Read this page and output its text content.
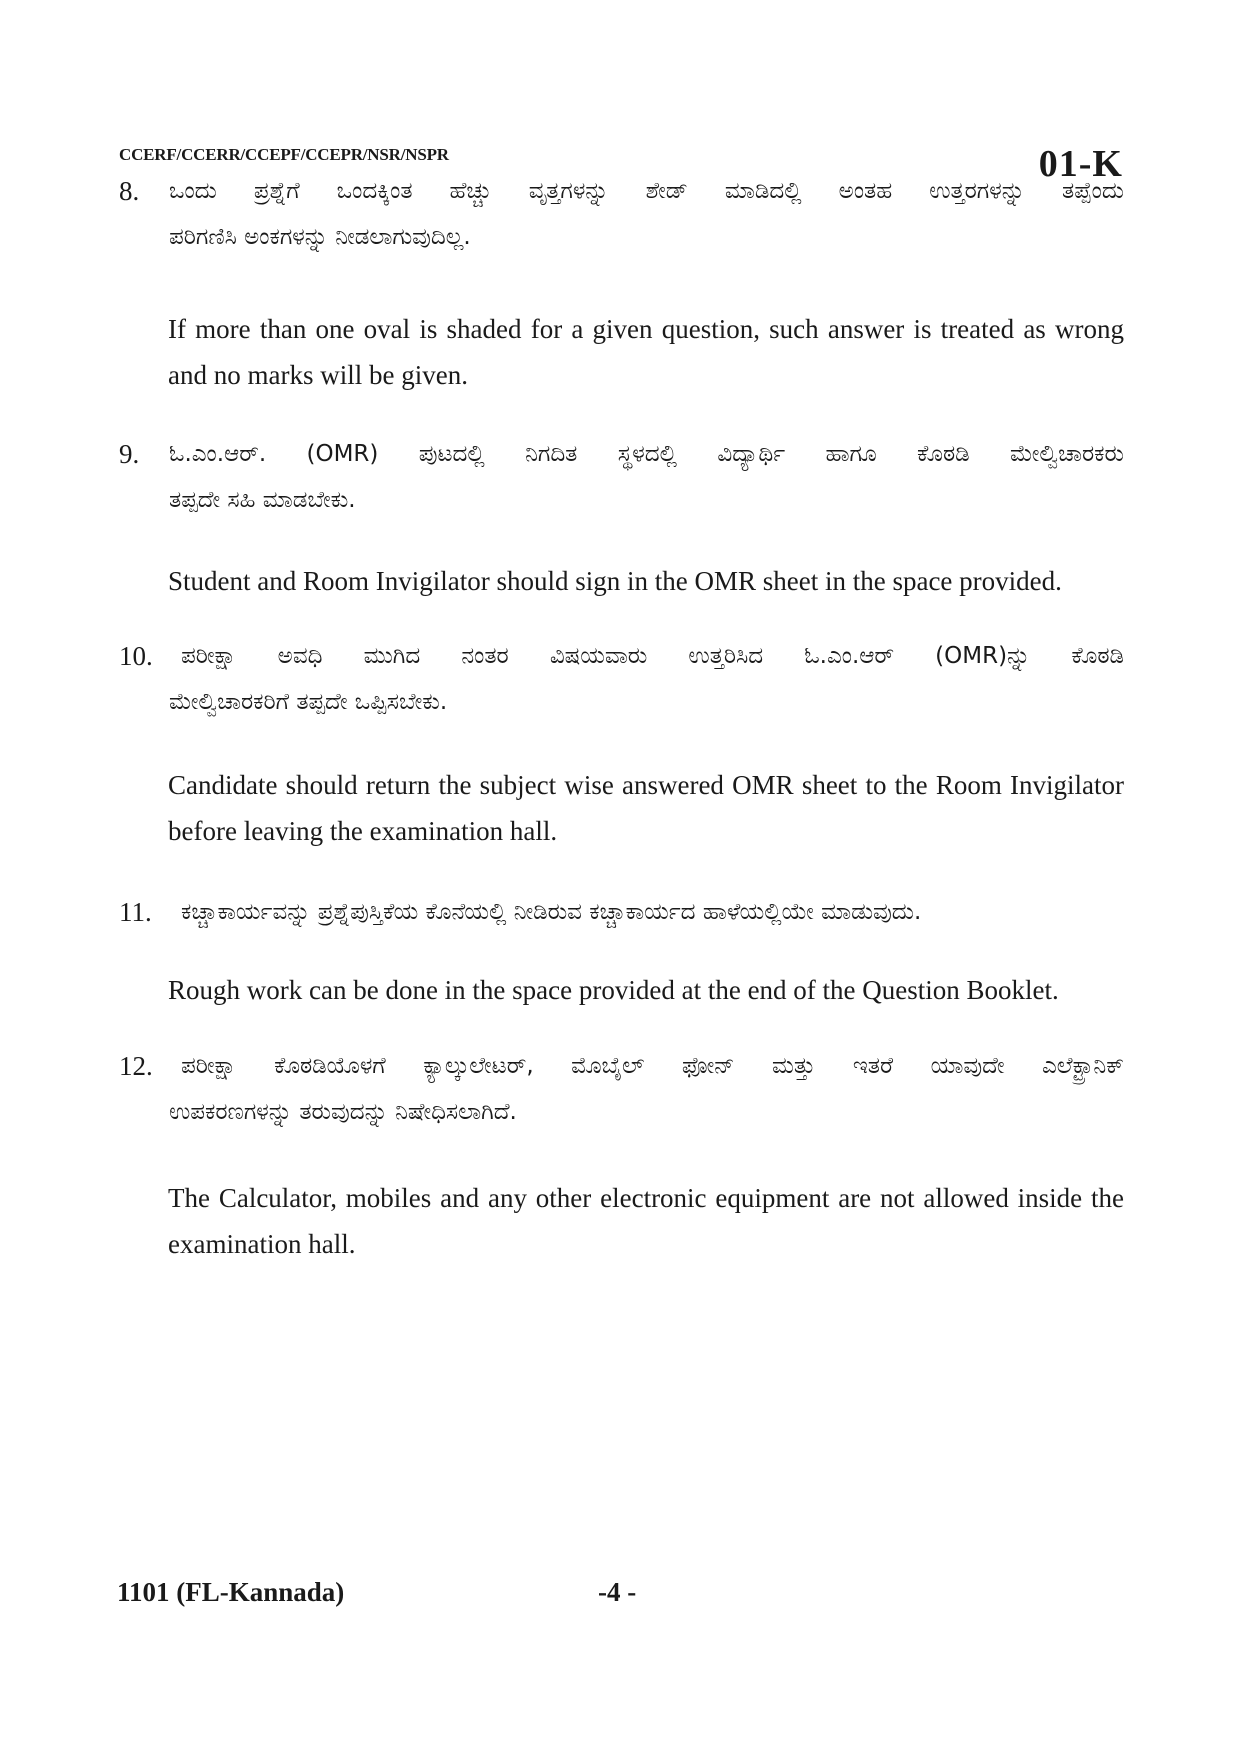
CCERF/CCERR/CCEPF/CCEPR/NSR/NSPR	01-K
8. ಒಂದು ಪ್ರಶ್ನೆಗೆ ಒಂದಕ್ಕಿಂತ ಹೆಚ್ಚು ವೃತ್ತಗಳನ್ನು ಶೇಡ್ ಮಾಡಿದಲ್ಲಿ ಅಂತಹ ಉತ್ತರಗಳನ್ನು ತಪ್ಪೆಂದು
ಪರಿಗಣಿಸಿ ಅಂಕಗಳನ್ನು ನೀಡಲಾಗುವುದಿಲ್ಲ.

If more than one oval is shaded for a given question, such answer is treated as wrong and no marks will be given.

9. ಓ.ಎಂ.ಆರ್. (OMR) ಪುಟದಲ್ಲಿ ನಿಗದಿತ ಸ್ಥಳದಲ್ಲಿ ವಿದ್ಯಾರ್ಥಿ ಹಾಗೂ ಕೊಠಡಿ ಮೇಲ್ವಿಚಾರಕರು
ತಪ್ಪದೇ ಸಹಿ ಮಾಡಬೇಕು.

Student and Room Invigilator should sign in the OMR sheet in the space provided.

10. ಪರೀಕ್ಷಾ ಅವಧಿ ಮುಗಿದ ನಂತರ ವಿಷಯವಾರು ಉತ್ತರಿಸಿದ ಓ.ಎಂ.ಆರ್ (OMR)ನ್ನು ಕೊಠಡಿ
ಮೇಲ್ವಿಚಾರಕರಿಗೆ ತಪ್ಪದೇ ಒಪ್ಪಿಸಬೇಕು.

Candidate should return the subject wise answered OMR sheet to the Room Invigilator before leaving the examination hall.

11. ಕಚ್ಚಾಕಾರ್ಯವನ್ನು ಪ್ರಶ್ನೆಪುಸ್ತಿಕೆಯ ಕೊನೆಯಲ್ಲಿ ನೀಡಿರುವ ಕಚ್ಚಾಕಾರ್ಯದ ಹಾಳೆಯಲ್ಲಿಯೇ ಮಾಡುವುದು.

Rough work can be done in the space provided at the end of the Question Booklet.

12. ಪರೀಕ್ಷಾ ಕೊಠಡಿಯೊಳಗೆ ಕ್ಯಾಲ್ಕುಲೇಟರ್, ಮೊಬೈಲ್ ಫೋನ್ ಮತ್ತು ಇತರೆ ಯಾವುದೇ ಎಲೆಕ್ಟ್ರಾನಿಕ್
ಉಪಕರಣಗಳನ್ನು ತರುವುದನ್ನು ನಿಷೇಧಿಸಲಾಗಿದೆ.

The Calculator, mobiles and any other electronic equipment are not allowed inside the examination hall.

1101 (FL-Kannada)	-4 -
